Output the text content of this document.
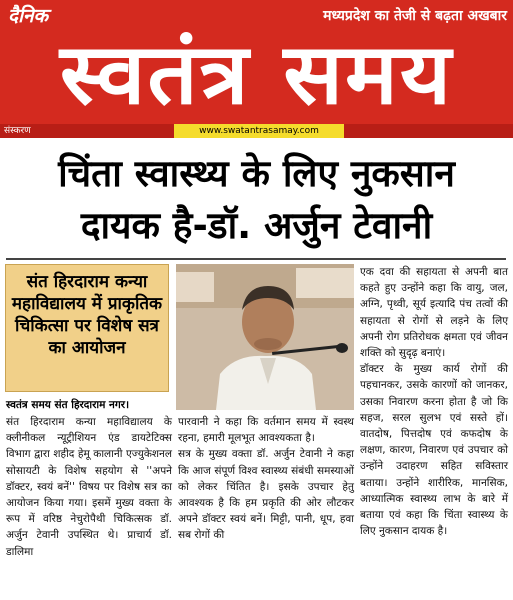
दैनिक	मध्यप्रदेश का तेजी से बढ़ता अखबार
स्वतंत्र समय
संस्करण	www.swatantrasamay.com
चिंता स्वास्थ्य के लिए नुकसान
दायक है-डॉ. अर्जुन टेवानी
संत हिरदाराम कन्या महाविद्यालय में प्राकृतिक चिकित्सा पर विशेष सत्र का आयोजन
स्वतंत्र समय संत हिरदाराम नगर।

संत हिरदाराम कन्या महाविद्यालय के क्लीनीकल न्यूट्रीशियन एंड डायटेटिक्स विभाग द्वारा शहीद हेमू कालानी एज्युकेशनल सोसायटी के विशेष सहयोग से ''अपने डॉक्टर, स्वयं बनें'' विषय पर विशेष सत्र का आयोजन किया गया। इसमें मुख्य वक्ता के रूप में वरिष्ठ नेचुरोपैथी चिकित्सक डॉ. अर्जुन टेवानी उपस्थित थे। प्राचार्य डॉ. डालिमा

पारवानी ने कहा कि वर्तमान समय में स्वस्थ रहना, हमारी मूलभूत आवश्यकता है।

सत्र के मुख्य वक्ता डॉ. अर्जुन टेवानी ने कहा कि आज संपूर्ण विश्व स्वास्थ्य संबंधी समस्याओं को लेकर चिंतित है। इसके उपचार हेतु आवश्यक है कि हम प्रकृति की ओर लौटकर अपने डॉक्टर स्वयं बनें। मिट्टी, पानी, धूप, हवा सब रोगों की

एक दवा की सहायता से अपनी बात कहते हुए उन्होंने कहा कि वायु, जल, अग्नि, पृथ्वी, सूर्य इत्यादि पंच तत्वों की सहायता से रोगों से लड़ने के लिए अपनी रोग प्रतिरोधक क्षमता एवं जीवन शक्ति को सुदृढ़ बनाएं।

डॉक्टर के मुख्य कार्य रोगों की पहचानकर, उसके कारणों को जानकर, उसका निवारण करना होता है जो कि सहज, सरल सुलभ एवं सस्ते हों। वातदोष, पित्तदोष एवं कफदोष के लक्षण, कारण, निवारण एवं उपचार को उन्होंने उदाहरण सहित सविस्तार बताया। उन्होंने शारीरिक, मानसिक, आध्यात्मिक स्वास्थ्य लाभ के बारे में बताया एवं कहा कि चिंता स्वास्थ्य के लिए नुकसान दायक है।
